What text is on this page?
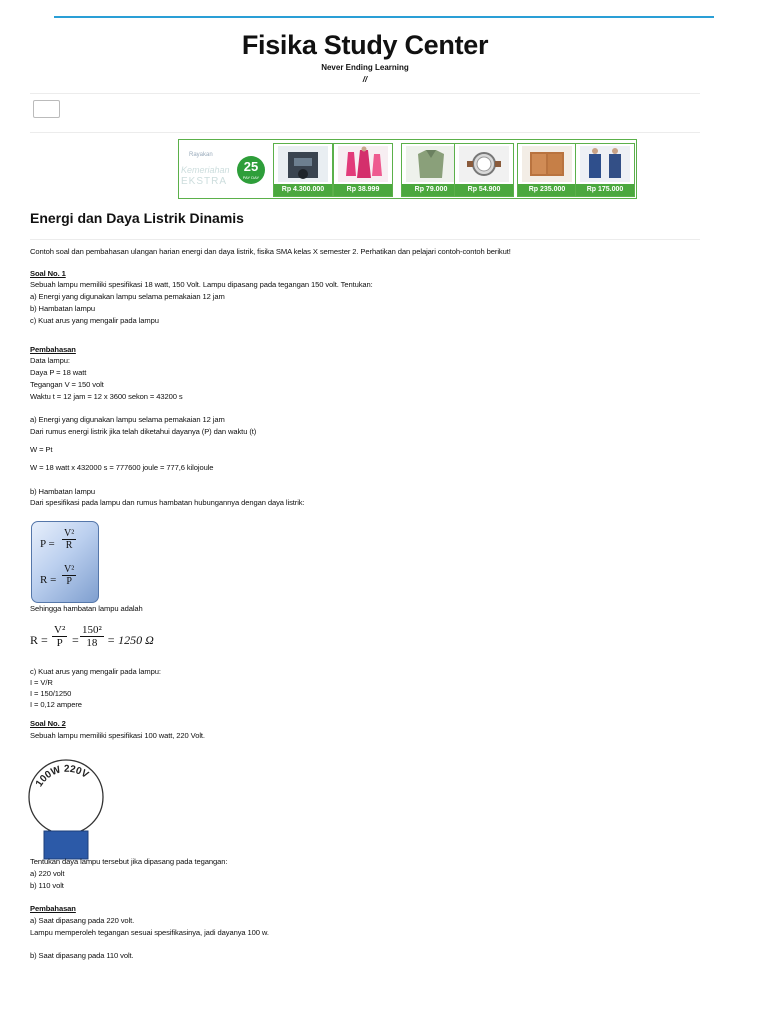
Fisika Study Center
Never Ending Learning
//
Rayakan
Kemeriahan
EKSTRA
25
PAY DAY
Rp 4.300.000	Rp 38.999	Rp 79.000	Rp 54.900	Rp 235.000	Rp 175.000
Energi dan Daya Listrik Dinamis
Contoh soal dan pembahasan ulangan harian energi dan daya listrik, fisika SMA kelas X semester 2. Perhatikan dan pelajari contoh-contoh berikut!
Soal No. 1
Sebuah lampu memiliki spesifikasi 18 watt, 150 Volt. Lampu dipasang pada tegangan 150 volt. Tentukan:
a) Energi yang digunakan lampu selama pemakaian 12 jam
b) Hambatan lampu
c) Kuat arus yang mengalir pada lampu
Pembahasan
Data lampu:
Daya P = 18 watt
Tegangan V = 150 volt
Waktu t = 12 jam = 12 x 3600 sekon = 43200 s
a) Energi yang digunakan lampu selama pemakaian 12 jam
Dari rumus energi listrik jika telah diketahui dayanya (P) dan waktu (t)
W = Pt
W = 18 watt x 432000 s = 777600 joule = 777,6 kilojoule
b) Hambatan lampu
Dari spesifikasi pada lampu dan rumus hambatan hubungannya dengan daya listrik:
$P = \frac{\text{V²}}{R}$
$R = \frac{\text{V²}}{P}$
Sehingga hambatan lampu adalah
$R = \frac{\text{V²}}{P} = \frac{\text{150²}}{18} = 1250$ Ω
c) Kuat arus yang mengalir pada lampu:
I = V/R
I = 150/1250
I = 0,12 ampere
Soal No. 2
Sebuah lampu memiliki spesifikasi 100 watt, 220 Volt.
100W 220V
Tentukan daya lampu tersebut jika dipasang pada tegangan:
a) 220 volt
b) 110 volt
Pembahasan
a) Saat dipasang pada 220 volt.
Lampu memperoleh tegangan sesuai spesifikasinya, jadi dayanya 100 w.
b) Saat dipasang pada 110 volt.
